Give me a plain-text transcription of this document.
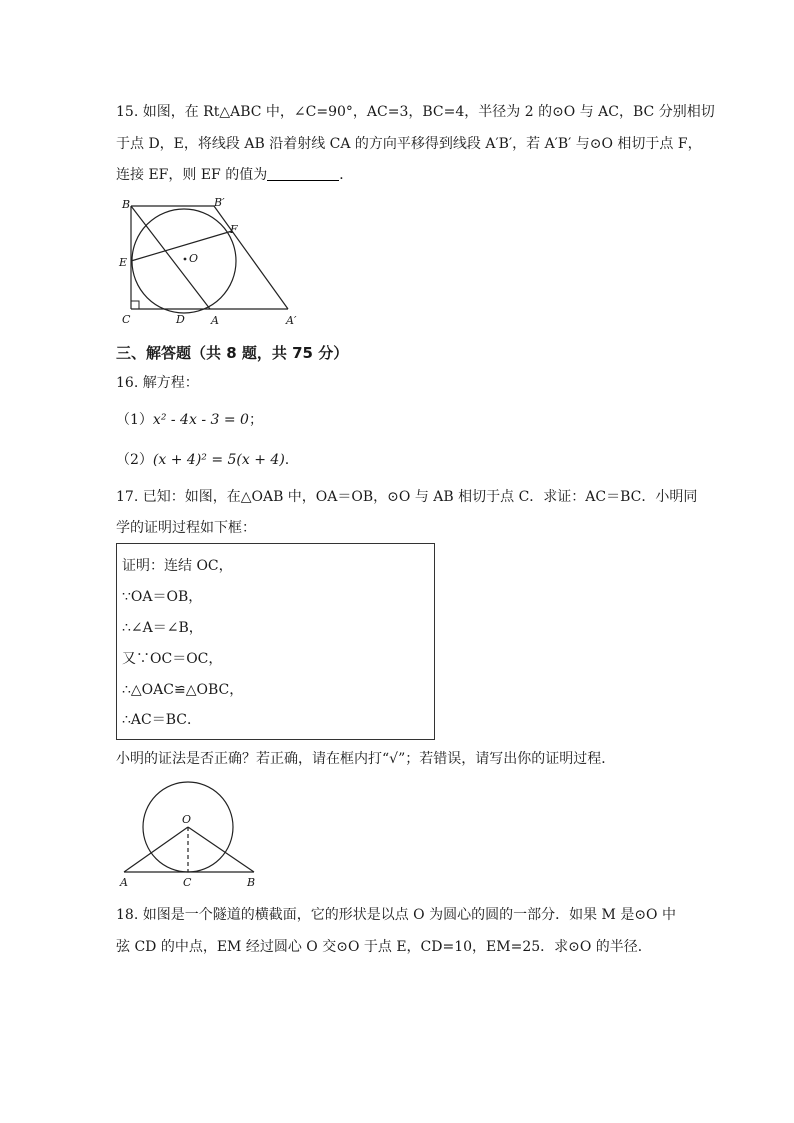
15. 如图，在 Rt△ABC 中，∠C=90°，AC=3，BC=4，半径为 2 的⊙O 与 AC，BC 分别相切
于点 D，E，将线段 AB 沿着射线 CA 的方向平移得到线段 A′B′，若 A′B′ 与⊙O 相切于点 F，
连接 EF，则 EF 的值为	．
B	B′
F
E	O
C	D A	A′
三、解答题（共 8 题，共 75 分）
16. 解方程：
（1）x² - 4x - 3 = 0；
（2）(x + 4)² = 5(x + 4).
17. 已知：如图，在△OAB 中，OA＝OB，⊙O 与 AB 相切于点 C．求证：AC＝BC．小明同
学的证明过程如下框：
证明：连结 OC，
∵OA＝OB，
∴∠A＝∠B，
又∵OC＝OC，
∴△OAC≌△OBC，
∴AC＝BC．
小明的证法是否正确？若正确，请在框内打“√”；若错误，请写出你的证明过程．
O
A	C	B
18. 如图是一个隧道的横截面，它的形状是以点 O 为圆心的圆的一部分．如果 M 是⊙O 中
弦 CD 的中点，EM 经过圆心 O 交⊙O 于点 E，CD=10，EM=25．求⊙O 的半径．
